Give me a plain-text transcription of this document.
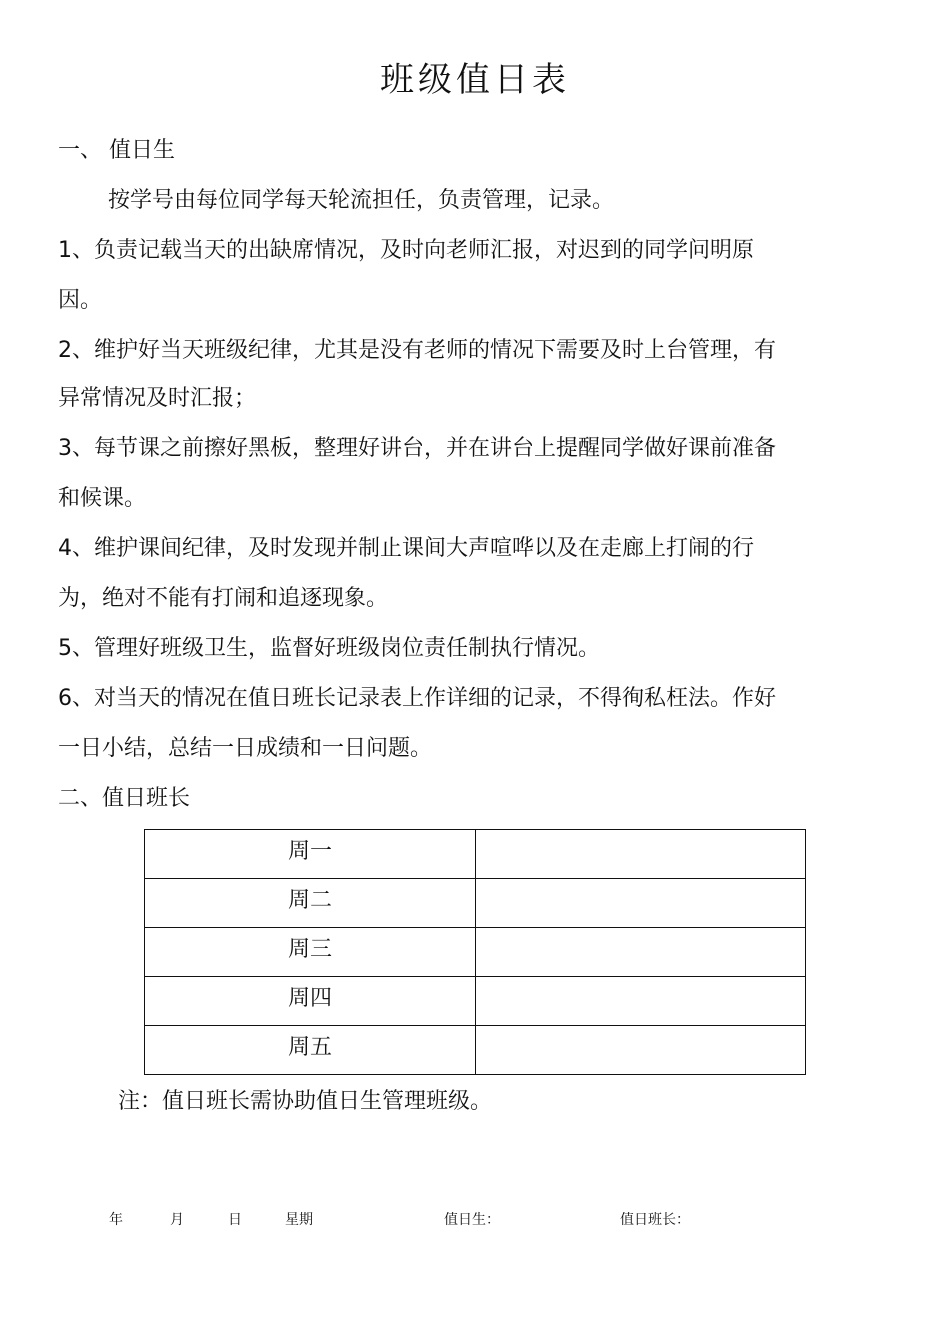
班级值日表
一、 值日生
按学号由每位同学每天轮流担任，负责管理，记录。
1、负责记载当天的出缺席情况，及时向老师汇报，对迟到的同学问明原
因。
2、维护好当天班级纪律，尤其是没有老师的情况下需要及时上台管理，有
异常情况及时汇报；
3、每节课之前擦好黑板，整理好讲台，并在讲台上提醒同学做好课前准备
和候课。
4、维护课间纪律，及时发现并制止课间大声喧哗以及在走廊上打闹的行
为，绝对不能有打闹和追逐现象。
5、管理好班级卫生，监督好班级岗位责任制执行情况。
6、对当天的情况在值日班长记录表上作详细的记录，不得徇私枉法。作好
一日小结，总结一日成绩和一日问题。
二、值日班长
周一	
周二	
周三	
周四	
周五	
注：值日班长需协助值日生管理班级。
年	月	日	星期	值日生：	值日班长：
